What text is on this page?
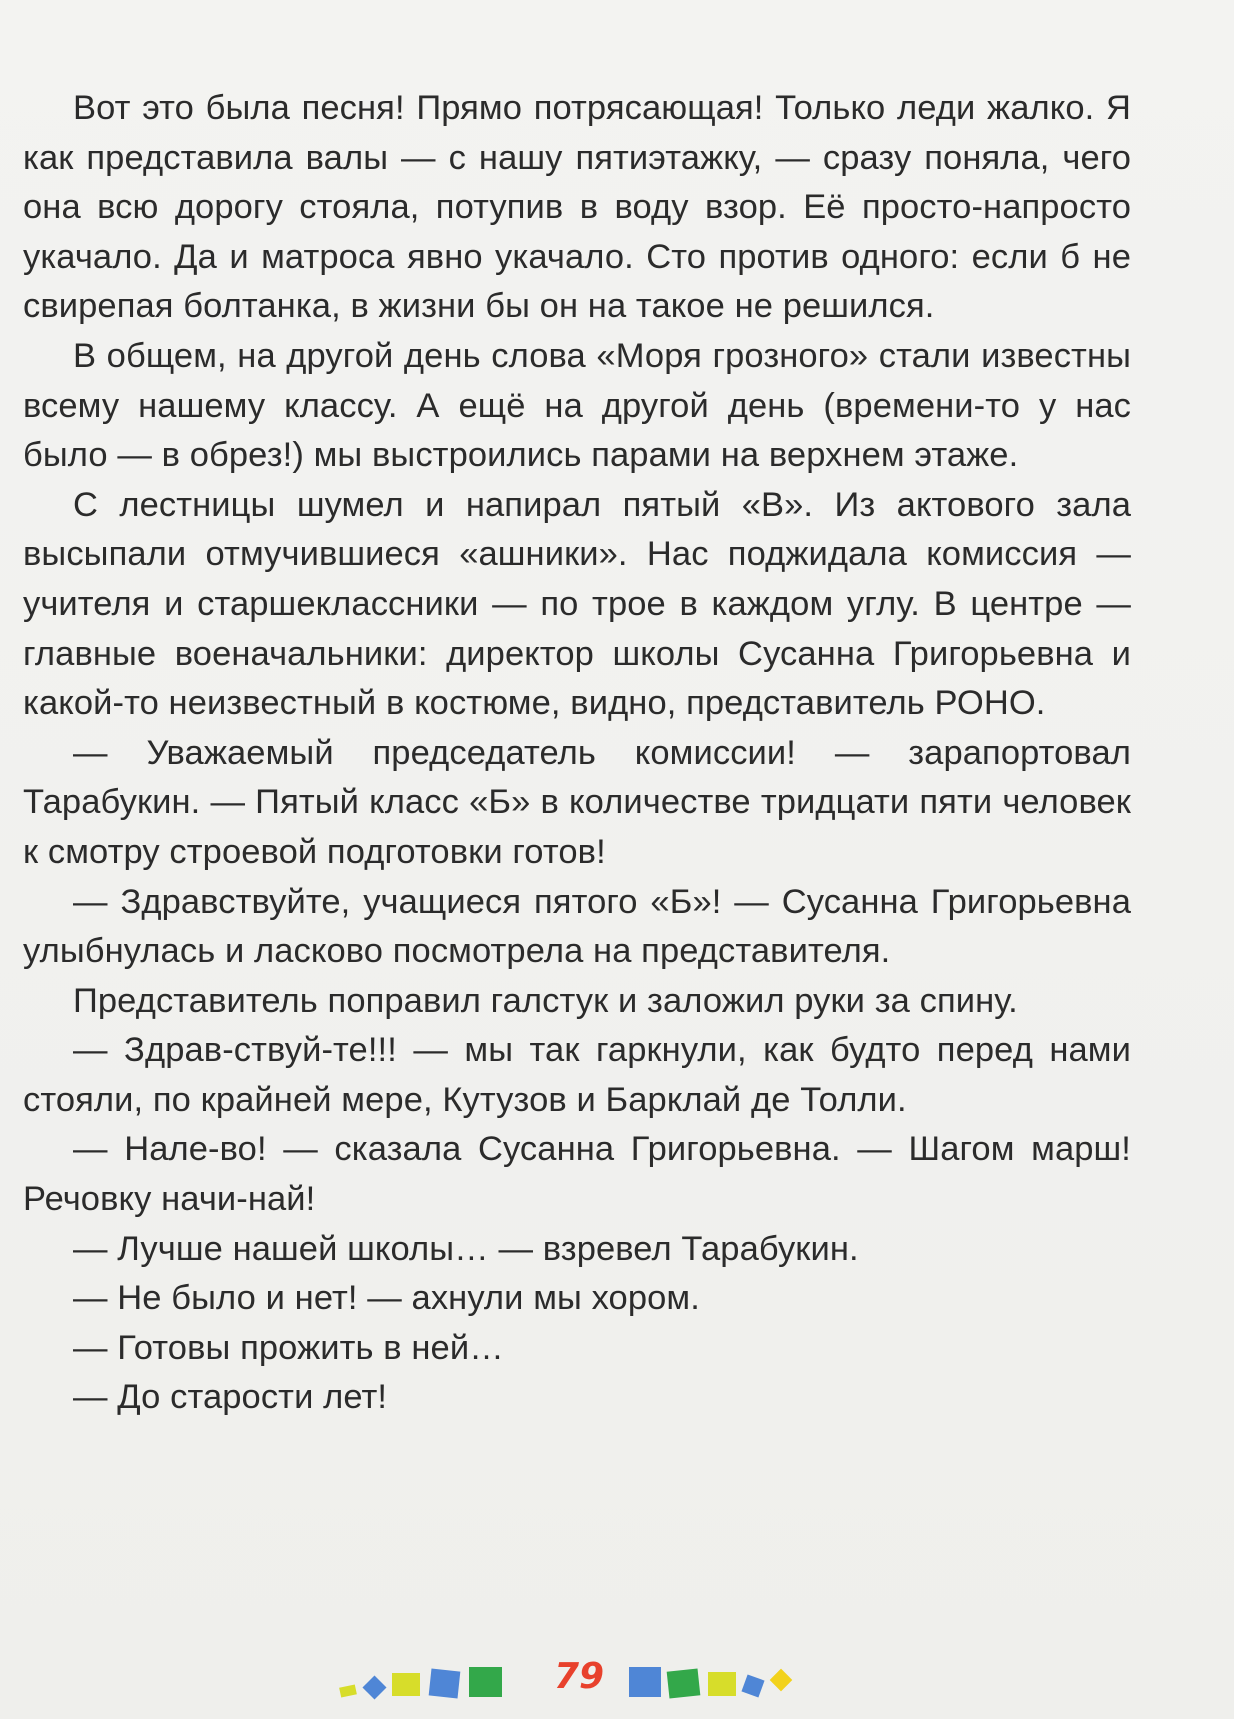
Вот это была песня! Прямо потрясающая! Только леди жалко. Я как представила валы — с нашу пятиэтажку, — сразу поняла, чего она всю дорогу стояла, потупив в воду взор. Её просто-напросто укачало. Да и матроса явно укачало. Сто против одного: если б не свирепая болтанка, в жизни бы он на такое не решился.

В общем, на другой день слова «Моря грозного» стали известны всему нашему классу. А ещё на другой день (времени-то у нас было — в обрез!) мы выстроились парами на верхнем этаже.

С лестницы шумел и напирал пятый «В». Из актового зала высыпали отмучившиеся «ашники». Нас поджидала комиссия — учителя и старшеклассники — по трое в каждом углу. В центре — главные военачальники: директор школы Сусанна Григорьевна и какой-то неизвестный в костюме, видно, представитель РОНО.

— Уважаемый председатель комиссии! — зарапортовал Тарабукин. — Пятый класс «Б» в количестве тридцати пяти человек к смотру строевой подготовки готов!

— Здравствуйте, учащиеся пятого «Б»! — Сусанна Григорьевна улыбнулась и ласково посмотрела на представителя.

Представитель поправил галстук и заложил руки за спину.

— Здрав-ствуй-те!!! — мы так гаркнули, как будто перед нами стояли, по крайней мере, Кутузов и Барклай де Толли.

— Нале-во! — сказала Сусанна Григорьевна. — Шагом марш! Речовку начи-най!

— Лучше нашей школы… — взревел Тарабукин.

— Не было и нет! — ахнули мы хором.

— Готовы прожить в ней…

— До старости лет!

79
